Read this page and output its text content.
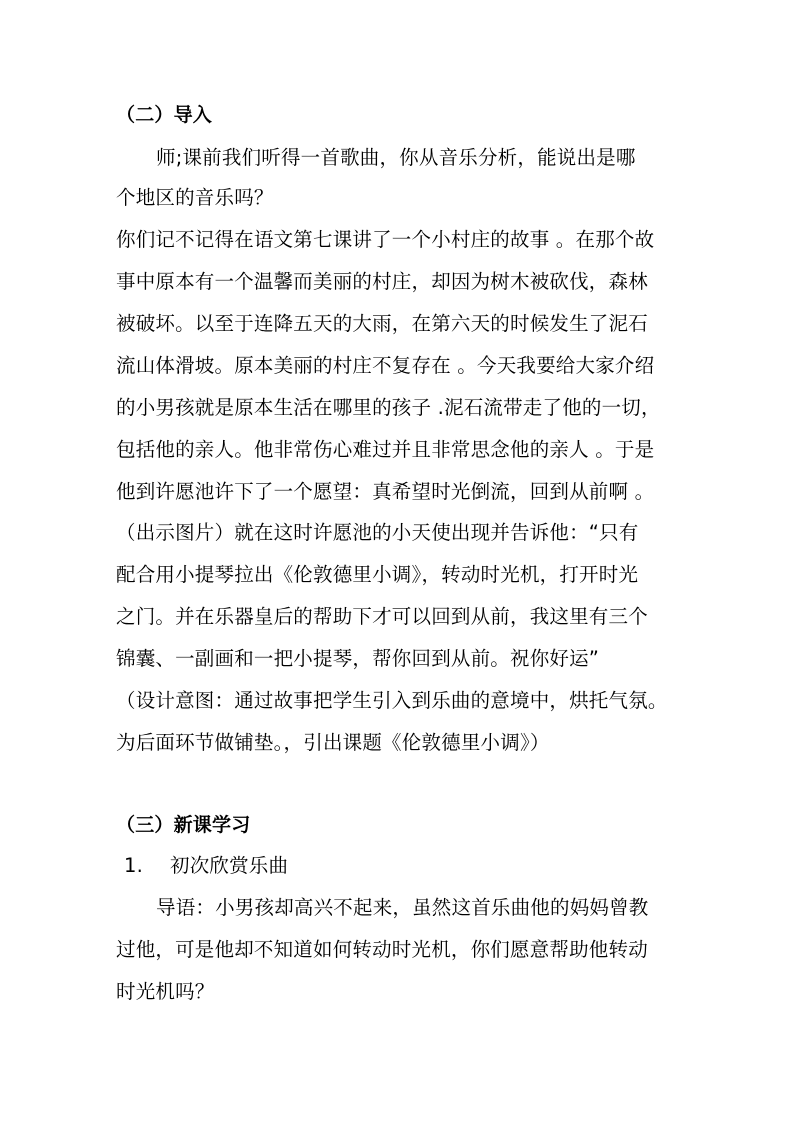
（二）导入
师;课前我们听得一首歌曲，你从音乐分析，能说出是哪
个地区的音乐吗？
你们记不记得在语文第七课讲了一个小村庄的故事 。在那个故
事中原本有一个温馨而美丽的村庄，却因为树木被砍伐，森林
被破坏。以至于连降五天的大雨，在第六天的时候发生了泥石
流山体滑坡。原本美丽的村庄不复存在 。今天我要给大家介绍
的小男孩就是原本生活在哪里的孩子 .泥石流带走了他的一切，
包括他的亲人。他非常伤心难过并且非常思念他的亲人 。于是
他到许愿池许下了一个愿望：真希望时光倒流，回到从前啊 。
（出示图片）就在这时许愿池的小天使出现并告诉他：“只有
配合用小提琴拉出《伦敦德里小调》，转动时光机，打开时光
之门。并在乐器皇后的帮助下才可以回到从前，我这里有三个
锦囊、一副画和一把小提琴，帮你回到从前。祝你好运”
（设计意图：通过故事把学生引入到乐曲的意境中，烘托气氛。
为后面环节做铺垫。，引出课题《伦敦德里小调》）
（三）新课学习
1. 初次欣赏乐曲
导语：小男孩却高兴不起来，虽然这首乐曲他的妈妈曾教
过他，可是他却不知道如何转动时光机，你们愿意帮助他转动
时光机吗？
